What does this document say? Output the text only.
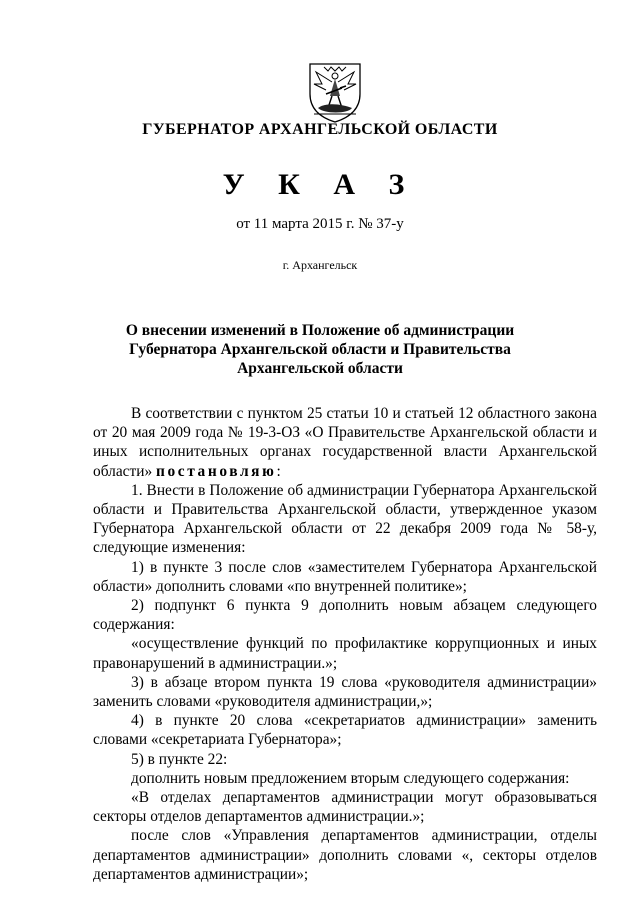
ГУБЕРНАТОР АРХАНГЕЛЬСКОЙ ОБЛАСТИ
У К А З
от 11 марта 2015 г. № 37-у
г. Архангельск
О внесении изменений в Положение об администрации
Губернатора Архангельской области и Правительства
Архангельской области

В соответствии с пунктом 25 статьи 10 и статьей 12 областного закона от 20 мая 2009 года № 19-3-ОЗ «О Правительстве Архангельской области и иных исполнительных органах государственной власти Архангельской области» постановляю:

1. Внести в Положение об администрации Губернатора Архангельской области и Правительства Архангельской области, утвержденное указом Губернатора Архангельской области от 22 декабря 2009 года № 58-у, следующие изменения:

1) в пункте 3 после слов «заместителем Губернатора Архангельской области» дополнить словами «по внутренней политике»;

2) подпункт 6 пункта 9 дополнить новым абзацем следующего содержания:

«осуществление функций по профилактике коррупционных и иных правонарушений в администрации.»;

3) в абзаце втором пункта 19 слова «руководителя администрации» заменить словами «руководителя администрации,»;

4) в пункте 20 слова «секретариатов администрации» заменить словами «секретариата Губернатора»;

5) в пункте 22:

дополнить новым предложением вторым следующего содержания:

«В отделах департаментов администрации могут образовываться секторы отделов департаментов администрации.»;

после слов «Управления департаментов администрации, отделы департаментов администрации» дополнить словами «, секторы отделов департаментов администрации»;
